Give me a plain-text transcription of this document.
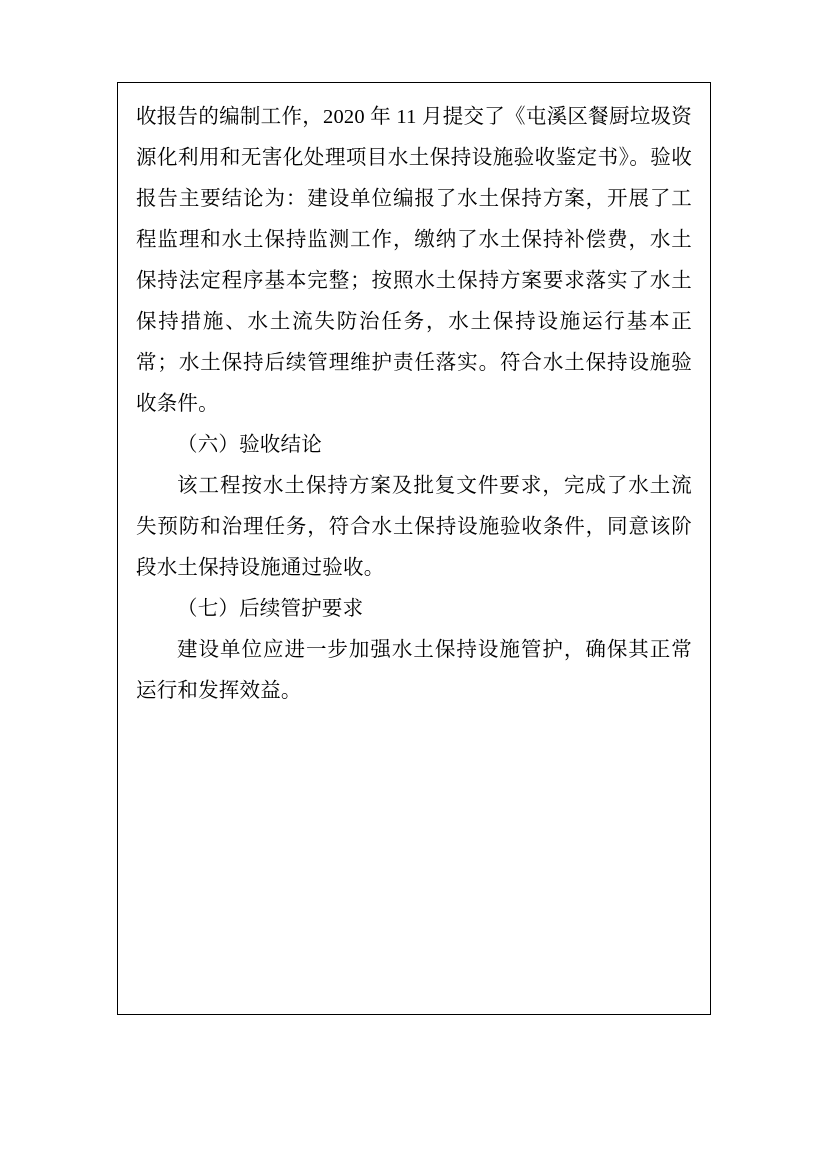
收报告的编制工作，2020 年 11 月提交了《屯溪区餐厨垃圾资源化利用和无害化处理项目水土保持设施验收鉴定书》。验收报告主要结论为：建设单位编报了水土保持方案，开展了工程监理和水土保持监测工作，缴纳了水土保持补偿费，水土保持法定程序基本完整；按照水土保持方案要求落实了水土保持措施、水土流失防治任务，水土保持设施运行基本正常；水土保持后续管理维护责任落实。符合水土保持设施验收条件。

（六）验收结论

该工程按水土保持方案及批复文件要求，完成了水土流失预防和治理任务，符合水土保持设施验收条件，同意该阶段水土保持设施通过验收。

（七）后续管护要求

建设单位应进一步加强水土保持设施管护，确保其正常运行和发挥效益。
